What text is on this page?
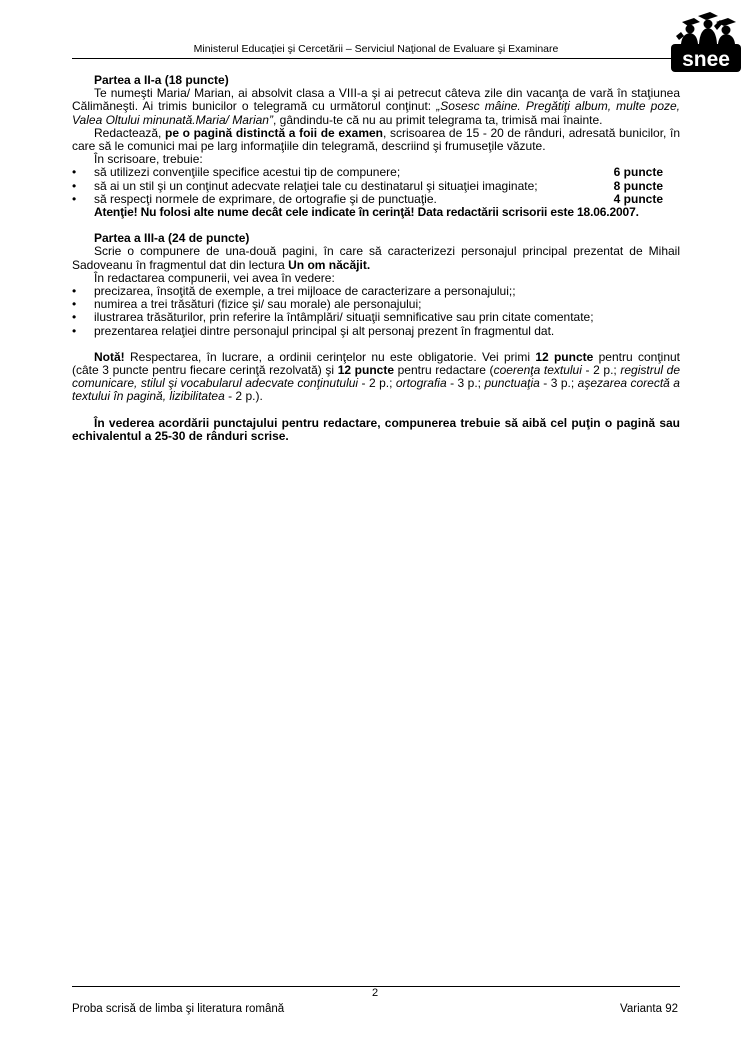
Ministerul Educaţiei şi Cercetării – Serviciul Naţional de Evaluare şi Examinare	snee

Partea a II-a (18 puncte)

Te numeşti Maria/ Marian, ai absolvit clasa a VIII-a şi ai petrecut câteva zile din vacanţa de vară în staţiunea Călimăneşti. Ai trimis bunicilor o telegramă cu următorul conţinut: „Sosesc mâine. Pregătiţi album, multe poze, Valea Oltului minunată.Maria/ Marian”, gândindu-te că nu au primit telegrama ta, trimisă mai înainte.

Redactează, pe o pagină distinctă a foii de examen, scrisoarea de 15 - 20 de rânduri, adresată bunicilor, în care să le comunici mai pe larg informaţiile din telegramă, descriind şi frumuseţile văzute.

În scrisoare, trebuie:

• să utilizezi convenţiile specifice acestui tip de compunere;	6 puncte
• să ai un stil şi un conţinut adecvate relaţiei tale cu destinatarul şi situaţiei imaginate;	8 puncte
• să respecţi normele de exprimare, de ortografie şi de punctuaţie.	4 puncte

Atenţie! Nu folosi alte nume decât cele indicate în cerinţă! Data redactării scrisorii este 18.06.2007.

Partea a III-a (24 de puncte)

Scrie o compunere de una-două pagini, în care să caracterizezi personajul principal prezentat de Mihail Sadoveanu în fragmentul dat din lectura Un om năcăjit.

În redactarea compunerii, vei avea în vedere:

• precizarea, însoţită de exemple, a trei mijloace de caracterizare a personajului;;
• numirea a trei trăsături (fizice şi/ sau morale) ale personajului;
• ilustrarea trăsăturilor, prin referire la întâmplări/ situaţii semnificative sau prin citate comentate;
• prezentarea relaţiei dintre personajul principal şi alt personaj prezent în fragmentul dat.

Notă! Respectarea, în lucrare, a ordinii cerinţelor nu este obligatorie. Vei primi 12 puncte pentru conţinut (câte 3 puncte pentru fiecare cerinţă rezolvată) şi 12 puncte pentru redactare (coerenţa textului - 2 p.; registrul de comunicare, stilul şi vocabularul adecvate conţinutului - 2 p.; ortografia - 3 p.; punctuaţia - 3 p.; aşezarea corectă a textului în pagină, lizibilitatea - 2 p.).

În vederea acordării punctajului pentru redactare, compunerea trebuie să aibă cel puţin o pagină sau echivalentul a 25-30 de rânduri scrise.

2
Proba scrisă de limba şi literatura română	Varianta 92
